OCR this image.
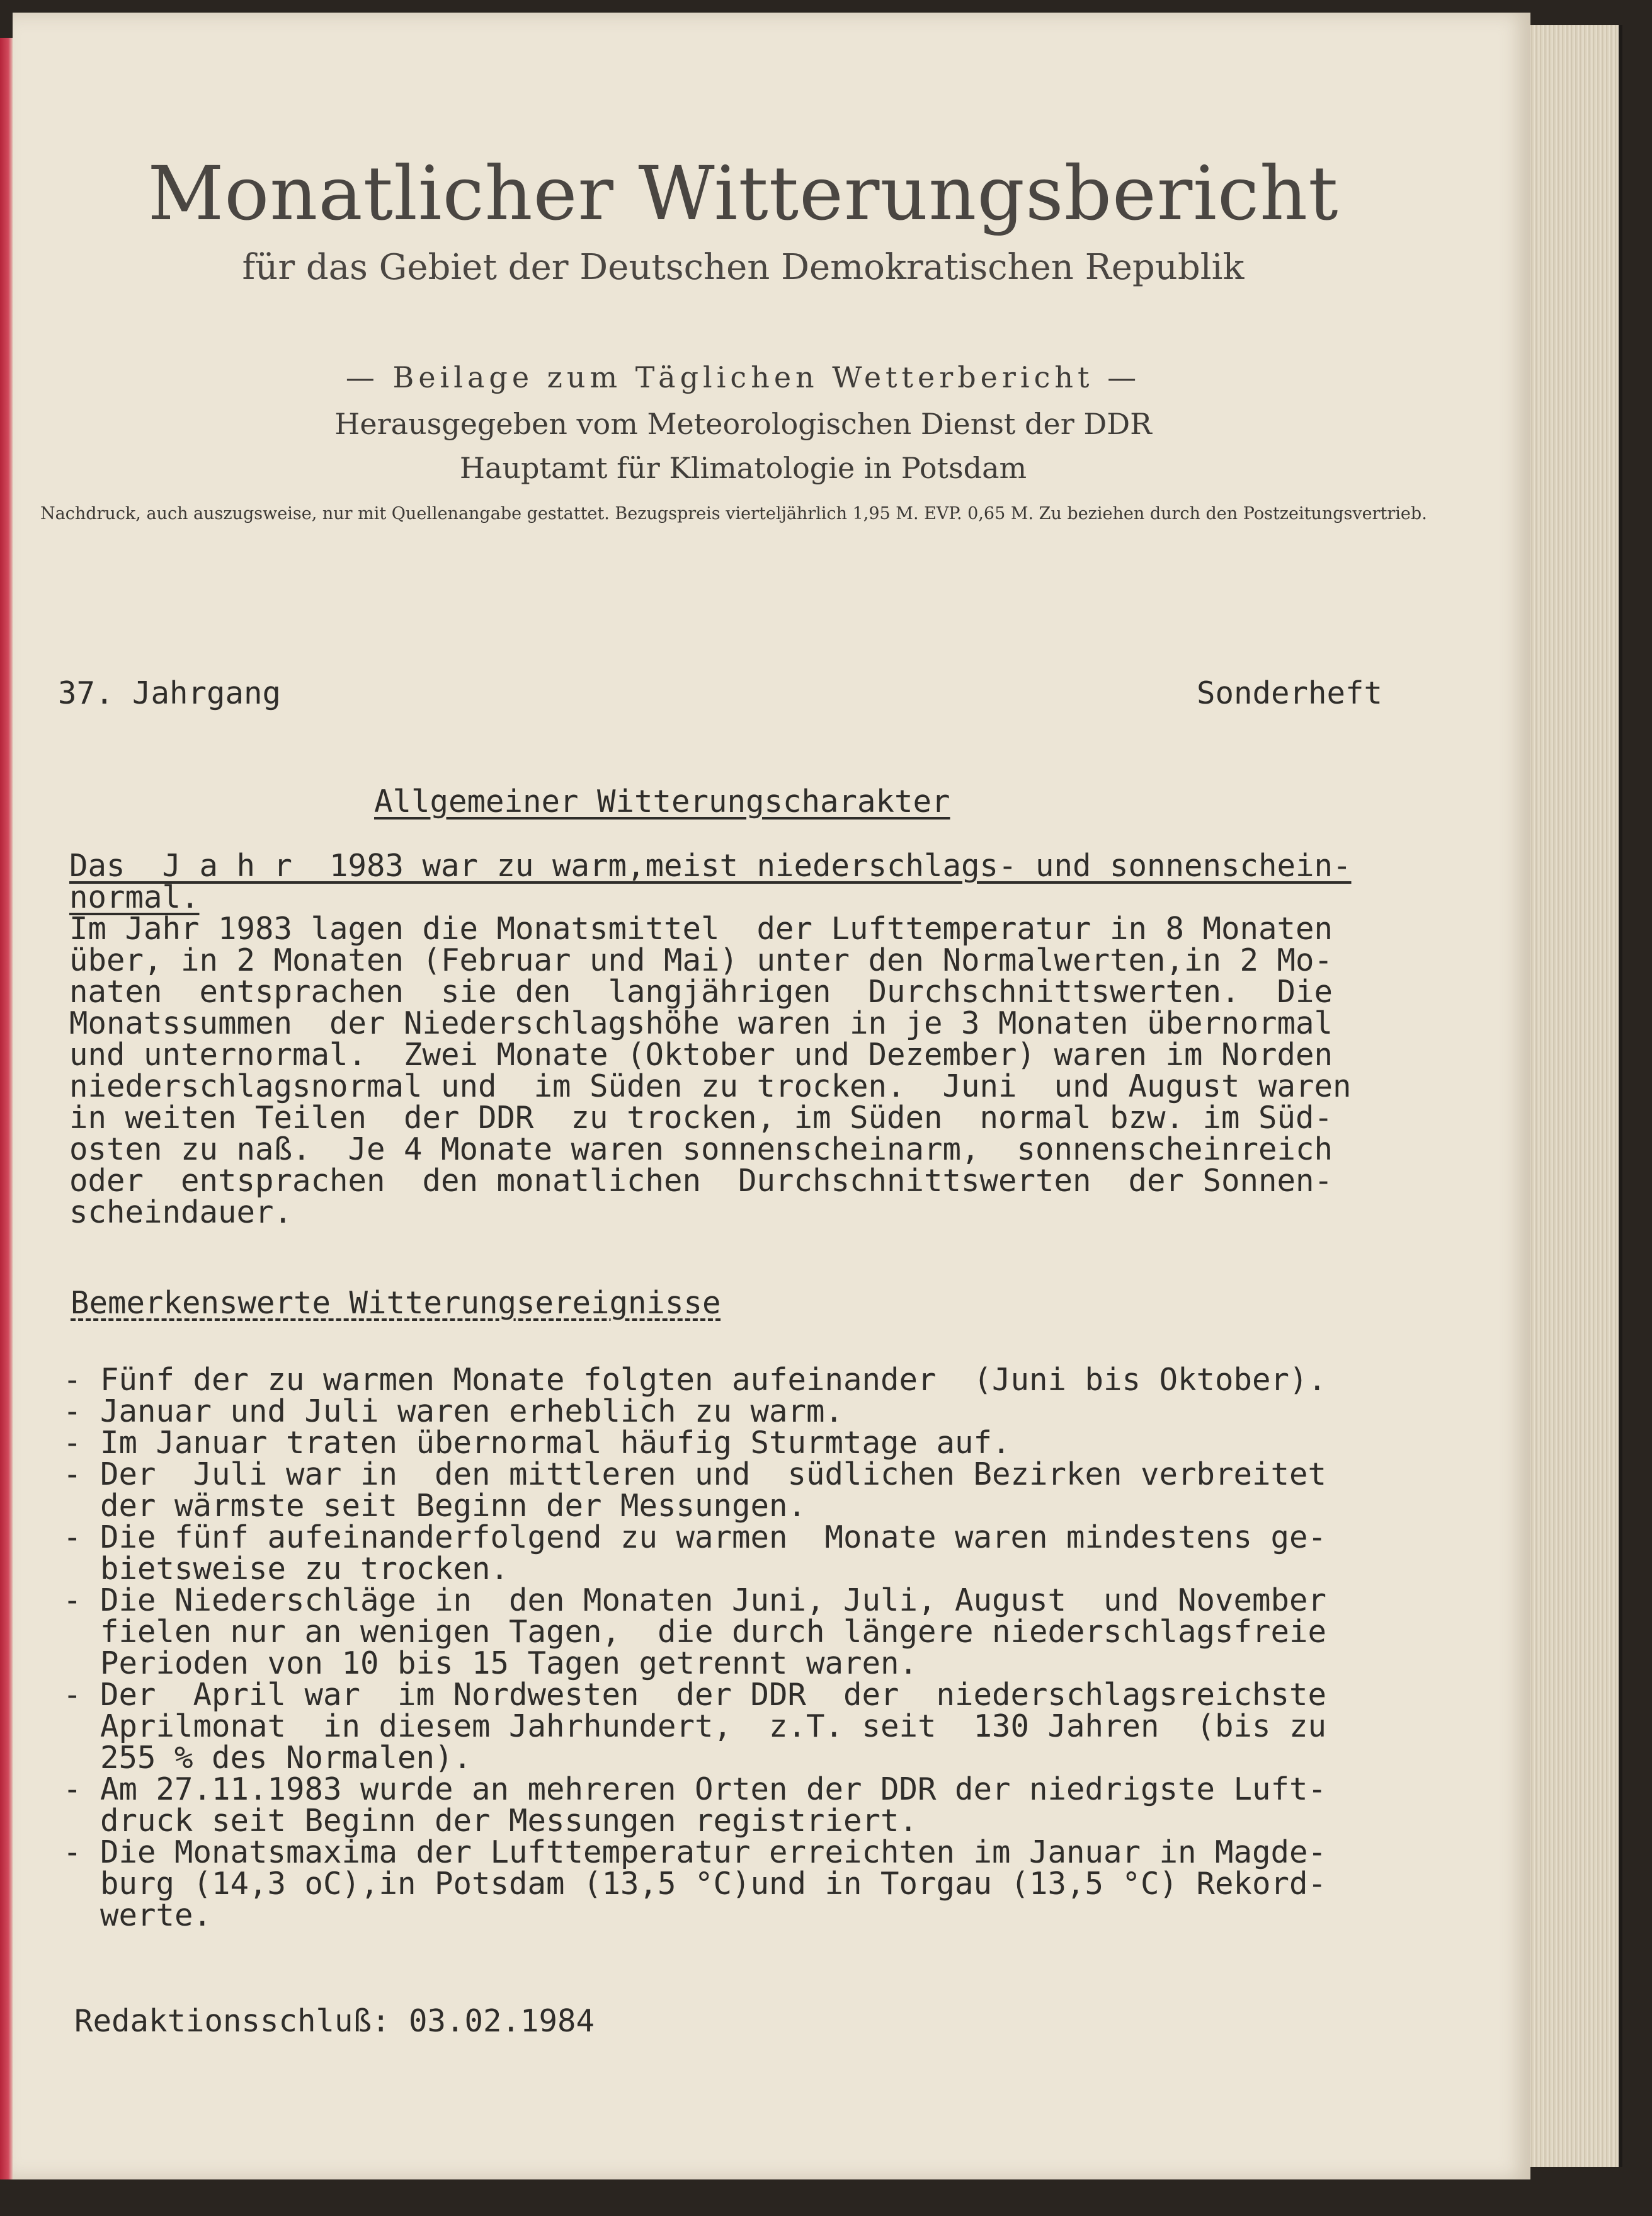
Monatlicher Witterungsbericht
für das Gebiet der Deutschen Demokratischen Republik
— Beilage zum Täglichen Wetterbericht —
Herausgegeben vom Meteorologischen Dienst der DDR
Hauptamt für Klimatologie in Potsdam
Nachdruck, auch auszugsweise, nur mit Quellenangabe gestattet. Bezugspreis vierteljährlich 1,95 M. EVP. 0,65 M. Zu beziehen durch den Postzeitungsvertrieb.
37. Jahrgang	Sonderheft
Allgemeiner Witterungscharakter
Das  J a h r  1983 war zu warm,meist niederschlags- und sonnenschein-
normal.
Im Jahr 1983 lagen die Monatsmittel  der Lufttemperatur in 8 Monaten
über, in 2 Monaten (Februar und Mai) unter den Normalwerten,in 2 Mo-
naten  entsprachen  sie den  langjährigen  Durchschnittswerten.  Die
Monatssummen  der Niederschlagshöhe waren in je 3 Monaten übernormal
und unternormal.  Zwei Monate (Oktober und Dezember) waren im Norden
niederschlagsnormal und  im Süden zu trocken.  Juni  und August waren
in weiten Teilen  der DDR  zu trocken, im Süden  normal bzw. im Süd-
osten zu naß.  Je 4 Monate waren sonnenscheinarm,  sonnenscheinreich
oder  entsprachen  den monatlichen  Durchschnittswerten  der Sonnen-
scheindauer.
Bemerkenswerte Witterungsereignisse
- Fünf der zu warmen Monate folgten aufeinander  (Juni bis Oktober).
- Januar und Juli waren erheblich zu warm.
- Im Januar traten übernormal häufig Sturmtage auf.
- Der  Juli war in  den mittleren und  südlichen Bezirken verbreitet
der wärmste seit Beginn der Messungen.
- Die fünf aufeinanderfolgend zu warmen  Monate waren mindestens ge-
bietsweise zu trocken.
- Die Niederschläge in  den Monaten Juni, Juli, August  und November
fielen nur an wenigen Tagen,  die durch längere niederschlagsfreie
Perioden von 10 bis 15 Tagen getrennt waren.
- Der  April war  im Nordwesten  der DDR  der  niederschlagsreichste
Aprilmonat  in diesem Jahrhundert,  z.T. seit  130 Jahren  (bis zu
255 % des Normalen).
- Am 27.11.1983 wurde an mehreren Orten der DDR der niedrigste Luft-
druck seit Beginn der Messungen registriert.
- Die Monatsmaxima der Lufttemperatur erreichten im Januar in Magde-
burg (14,3 oC),in Potsdam (13,5 °C)und in Torgau (13,5 °C) Rekord-
werte.
Redaktionsschluß: 03.02.1984
